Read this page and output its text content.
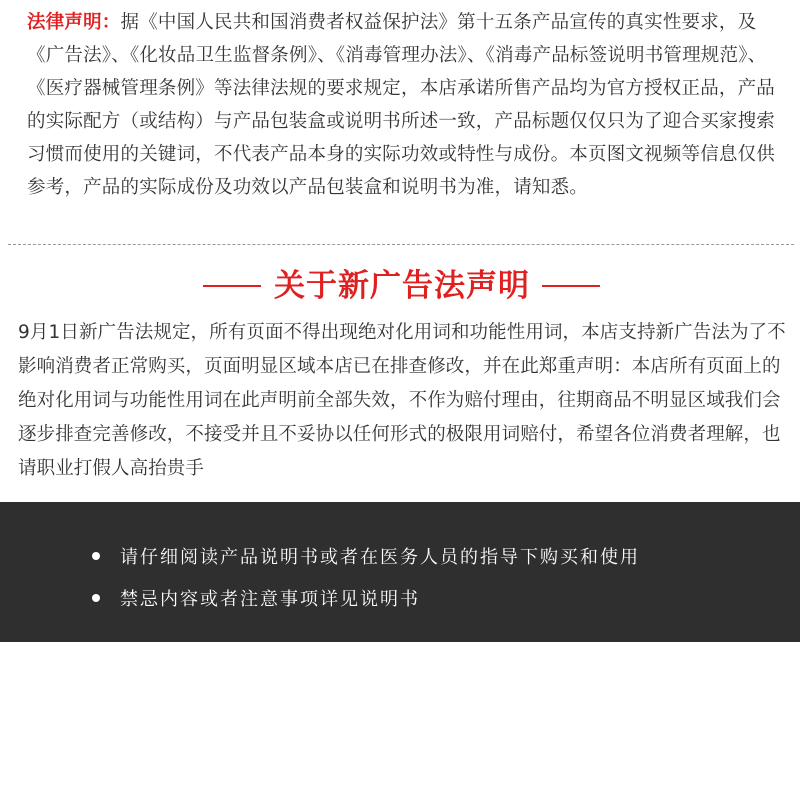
法律声明：据《中国人民共和国消费者权益保护法》第十五条产品宣传的真实性要求，及《广告法》、《化妆品卫生监督条例》、《消毒管理办法》、《消毒产品标签说明书管理规范》、《医疗器械管理条例》等法律法规的要求规定，本店承诺所售产品均为官方授权正品，产品的实际配方（或结构）与产品包装盒或说明书所述一致，产品标题仅仅只为了迎合买家搜索习惯而使用的关键词，不代表产品本身的实际功效或特性与成份。本页图文视频等信息仅供参考，产品的实际成份及功效以产品包装盒和说明书为准，请知悉。

关于新广告法声明

9月1日新广告法规定，所有页面不得出现绝对化用词和功能性用词，本店支持新广告法为了不影响消费者正常购买，页面明显区域本店已在排查修改，并在此郑重声明：本店所有页面上的绝对化用词与功能性用词在此声明前全部失效，不作为赔付理由，往期商品不明显区域我们会逐步排查完善修改，不接受并且不妥协以任何形式的极限用词赔付，希望各位消费者理解，也请职业打假人高抬贵手

请仔细阅读产品说明书或者在医务人员的指导下购买和使用
禁忌内容或者注意事项详见说明书
